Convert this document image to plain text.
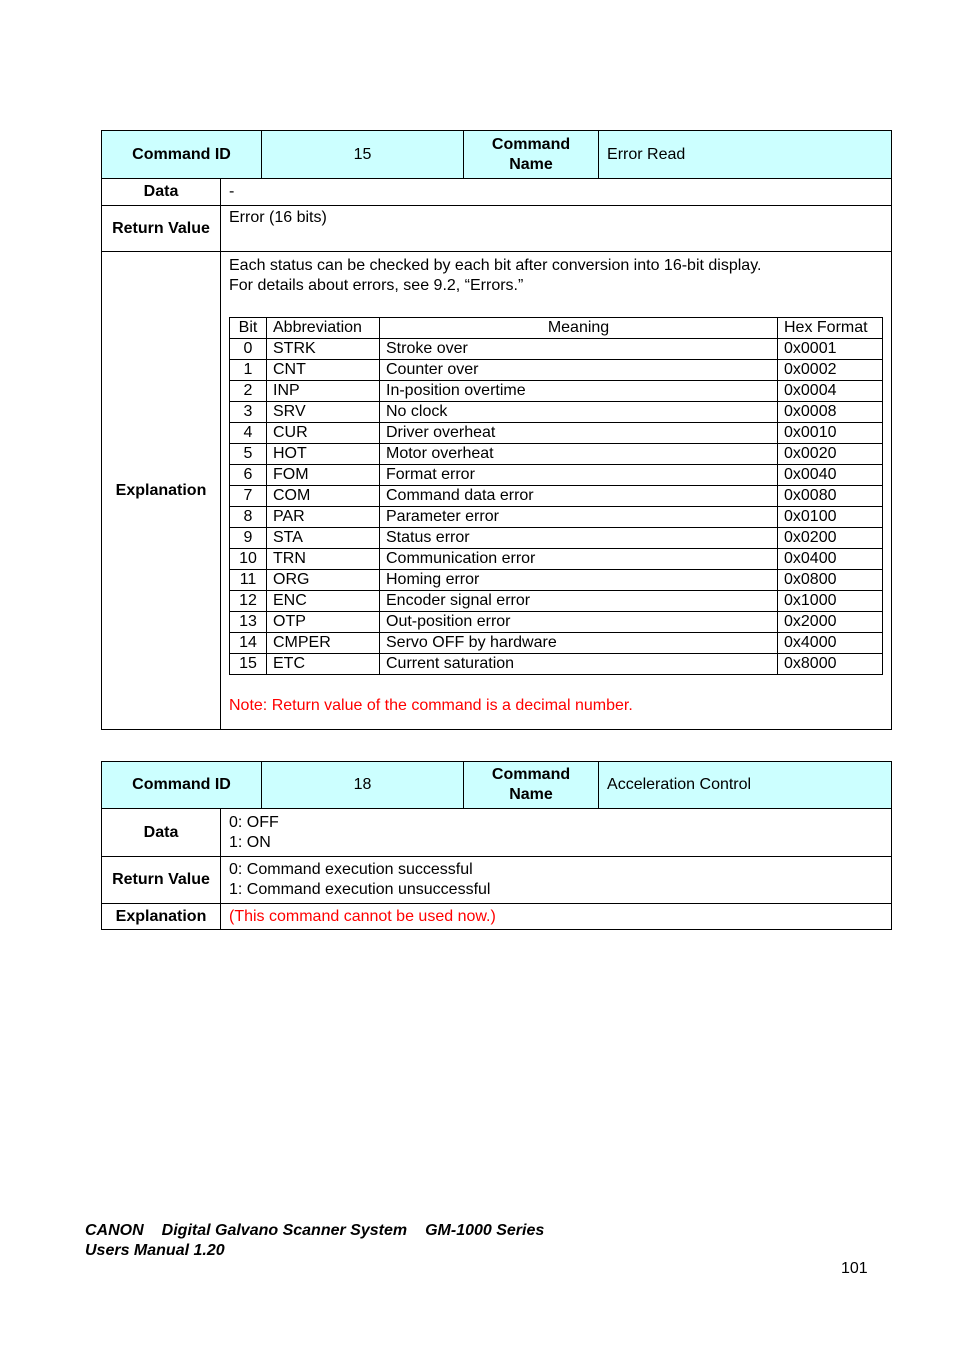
Command ID	15	Command Name	Error Read
Data	-
Return Value	Error (16 bits)
Explanation	
Each status can be checked by each bit after conversion into 16-bit display.
For details about errors, see 9.2, “Errors.”
Bit	Abbreviation	Meaning	Hex Format
0	STRK	Stroke over	0x0001
1	CNT	Counter over	0x0002
2	INP	In-position overtime	0x0004
3	SRV	No clock	0x0008
4	CUR	Driver overheat	0x0010
5	HOT	Motor overheat	0x0020
6	FOM	Format error	0x0040
7	COM	Command data error	0x0080
8	PAR	Parameter error	0x0100
9	STA	Status error	0x0200
10	TRN	Communication error	0x0400
11	ORG	Homing error	0x0800
12	ENC	Encoder signal error	0x1000
13	OTP	Out-position error	0x2000
14	CMPER	Servo OFF by hardware	0x4000
15	ETC	Current saturation	0x8000
Note: Return value of the command is a decimal number.
Command ID		18	Command Name	Acceleration Control
Data	0: OFF
1: ON			

Return Value	0: Command execution successful
1: Command execution unsuccessful			

Explanation	(This command cannot be used now.)			
CANON Digital Galvano Scanner System GM-1000 Series
Users Manual 1.20
101
